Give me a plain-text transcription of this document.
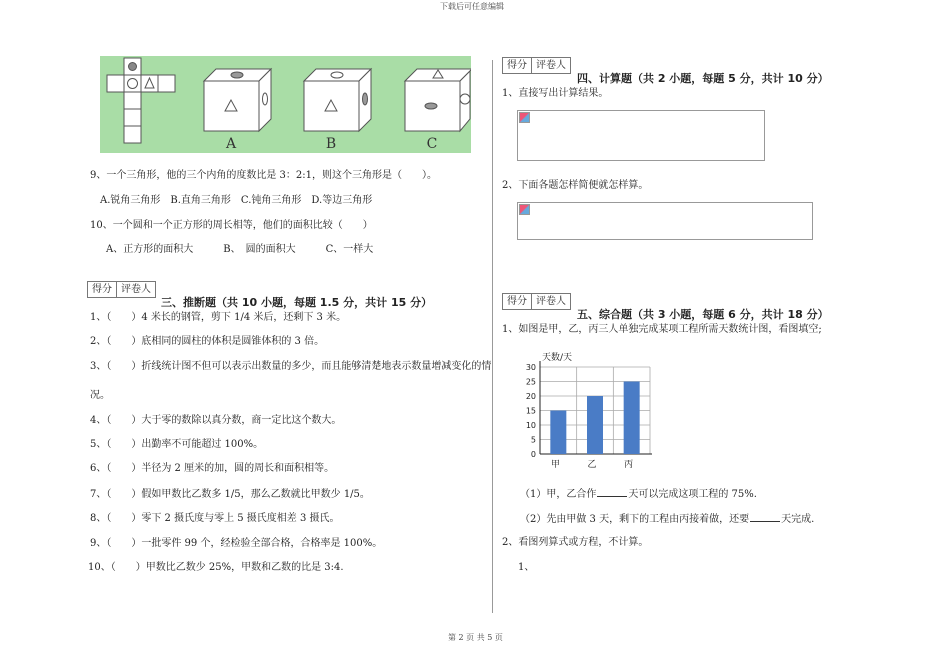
下载后可任意编辑
第 2 页 共 5 页
A	B	C
9、一个三角形，他的三个内角的度数比是 3：2:1，则这个三角形是（　　）。
A.锐角三角形　B.直角三角形　C.钝角三角形　D.等边三角形
10、一个圆和一个正方形的周长相等，他们的面积比较（　　）
A、正方形的面积大　　　B、　圆的面积大　　　C、一样大
得分 评卷人
三、推断题（共 10 小题，每题 1.5 分，共计 15 分）
1、（　　）4 米长的钢管，剪下 1/4 米后，还剩下 3 米。
2、（　　）底相同的圆柱的体积是圆锥体积的 3 倍。
3、（　　）折线统计图不但可以表示出数量的多少，而且能够清楚地表示数量增减变化的情
况。
4、（　　）大于零的数除以真分数，商一定比这个数大。
5、（　　）出勤率不可能超过 100%。
6、（　　）半径为 2 厘米的加，圆的周长和面积相等。
7、（　　）假如甲数比乙数多 1/5，那么乙数就比甲数少 1/5。
8、（　　）零下 2 摄氏度与零上 5 摄氏度相差 3 摄氏。
9、（　　）一批零件 99 个，经检验全部合格，合格率是 100%。
10、（　　）甲数比乙数少 25%，甲数和乙数的比是 3:4.
得分 评卷人
四、计算题（共 2 小题，每题 5 分，共计 10 分）
1、直接写出计算结果。
2、下面各题怎样简便就怎样算。
得分 评卷人
五、综合题（共 3 小题，每题 6 分，共计 18 分）
1、如图是甲，乙，丙三人单独完成某项工程所需天数统计图，看图填空;
天数/天
0
5
10
15
20
25
30
甲	乙	丙
（1）甲，乙合作	天可以完成这项工程的 75%.
（2）先由甲做 3 天，剩下的工程由丙接着做，还要	天完成.
2、看图列算式或方程，不计算。
1、
